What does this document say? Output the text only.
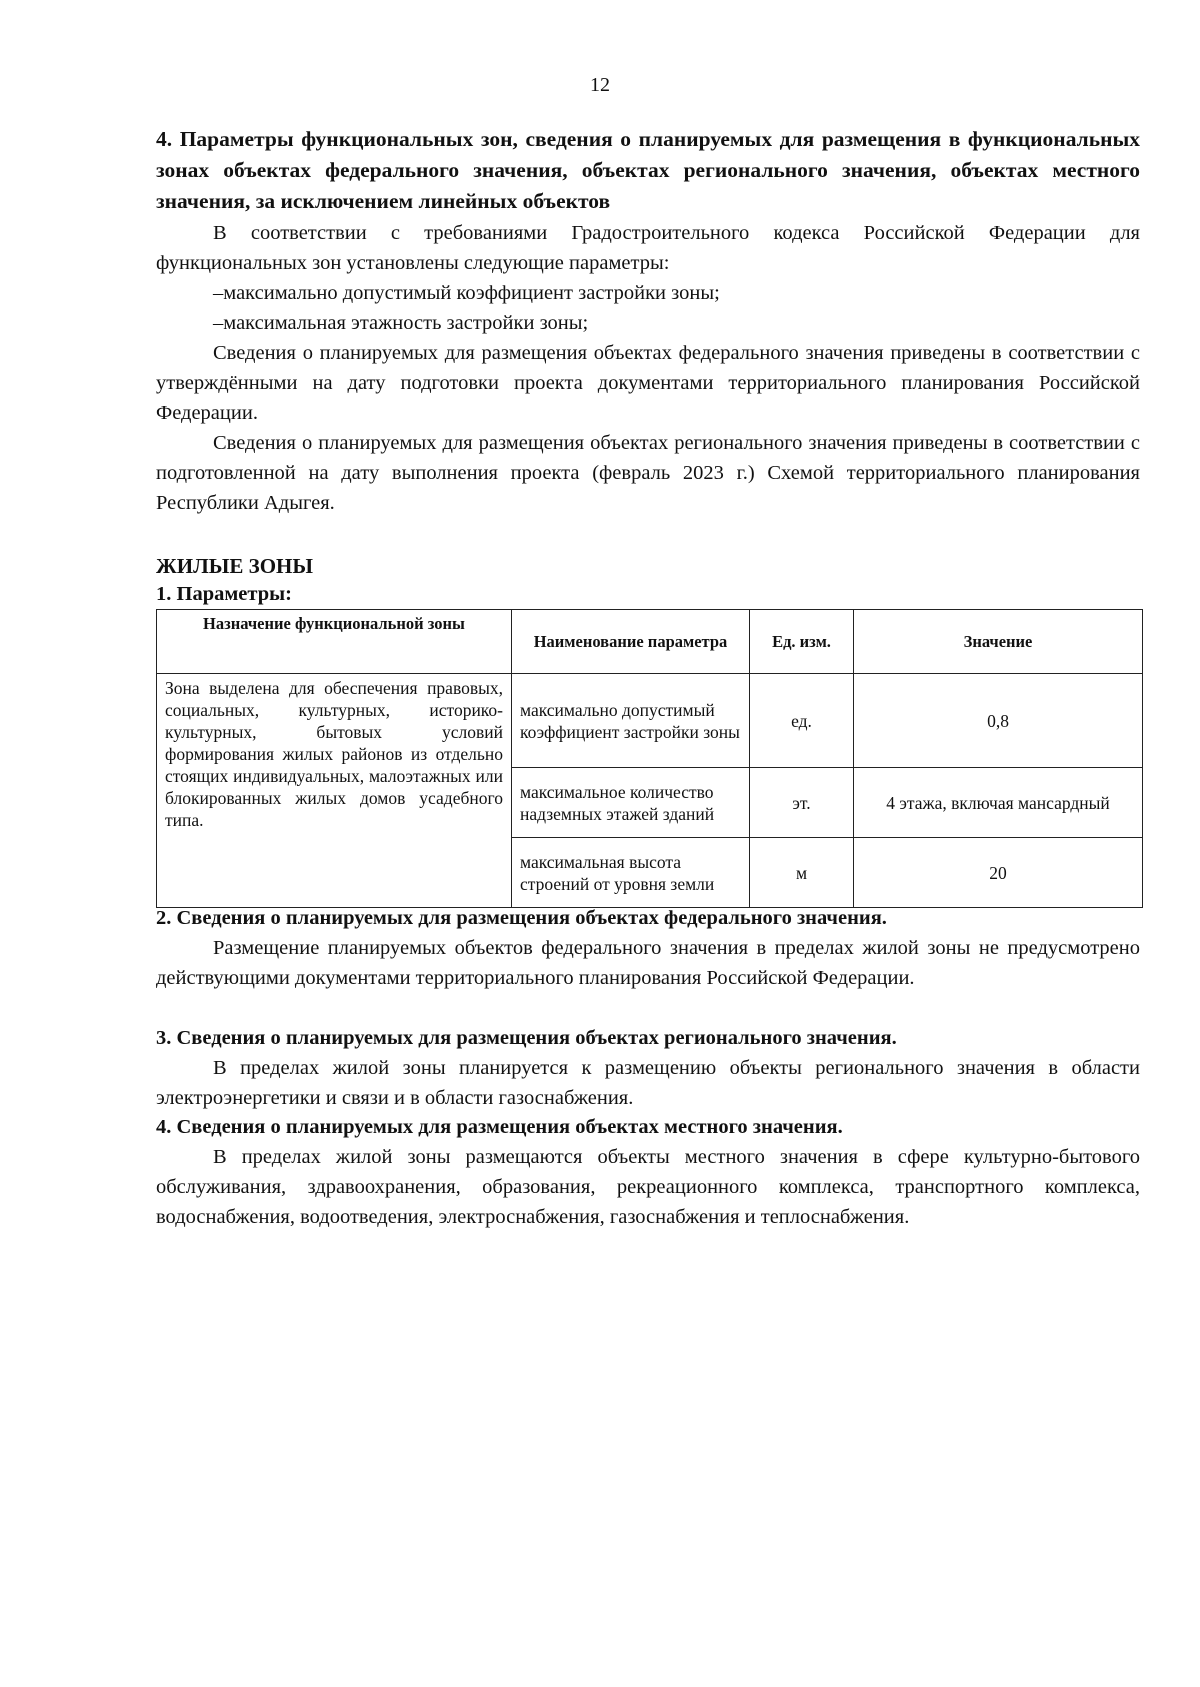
12
4. Параметры функциональных зон, сведения о планируемых для размещения в функциональных зонах объектах федерального значения, объектах регионального значения, объектах местного значения, за исключением линейных объектов

В соответствии с требованиями Градостроительного кодекса Российской Федерации для функциональных зон установлены следующие параметры:

–максимально допустимый коэффициент застройки зоны;

–максимальная этажность застройки зоны;

Сведения о планируемых для размещения объектах федерального значения приведены в соответствии с утверждёнными на дату подготовки проекта документами территориального планирования Российской Федерации.

Сведения о планируемых для размещения объектах регионального значения приведены в соответствии с подготовленной на дату выполнения проекта (февраль 2023 г.) Схемой территориального планирования Республики Адыгея.

ЖИЛЫЕ ЗОНЫ

1. Параметры:

Назначение функциональной зоны	Наименование параметра	Ед. изм.	Значение

Зона выделена для обеспечения правовых, социальных, культурных, историко-культурных, бытовых условий формирования жилых районов из отдельно стоящих индивидуальных, малоэтажных или блокированных жилых домов усадебного типа.	максимально допустимый коэффициент застройки зоны	ед.	0,8
	максимальное количество надземных этажей зданий	эт.	4 этажа, включая мансардный
	максимальная высота строений от уровня земли	м	20

2. Сведения о планируемых для размещения объектах федерального значения.

Размещение планируемых объектов федерального значения в пределах жилой зоны не предусмотрено действующими документами территориального планирования Российской Федерации.

3. Сведения о планируемых для размещения объектах регионального значения.

В пределах жилой зоны планируется к размещению объекты регионального значения в области электроэнергетики и связи и в области газоснабжения.

4. Сведения о планируемых для размещения объектах местного значения.

В пределах жилой зоны размещаются объекты местного значения в сфере культурно-бытового обслуживания, здравоохранения, образования, рекреационного комплекса, транспортного комплекса, водоснабжения, водоотведения, электроснабжения, газоснабжения и теплоснабжения.
